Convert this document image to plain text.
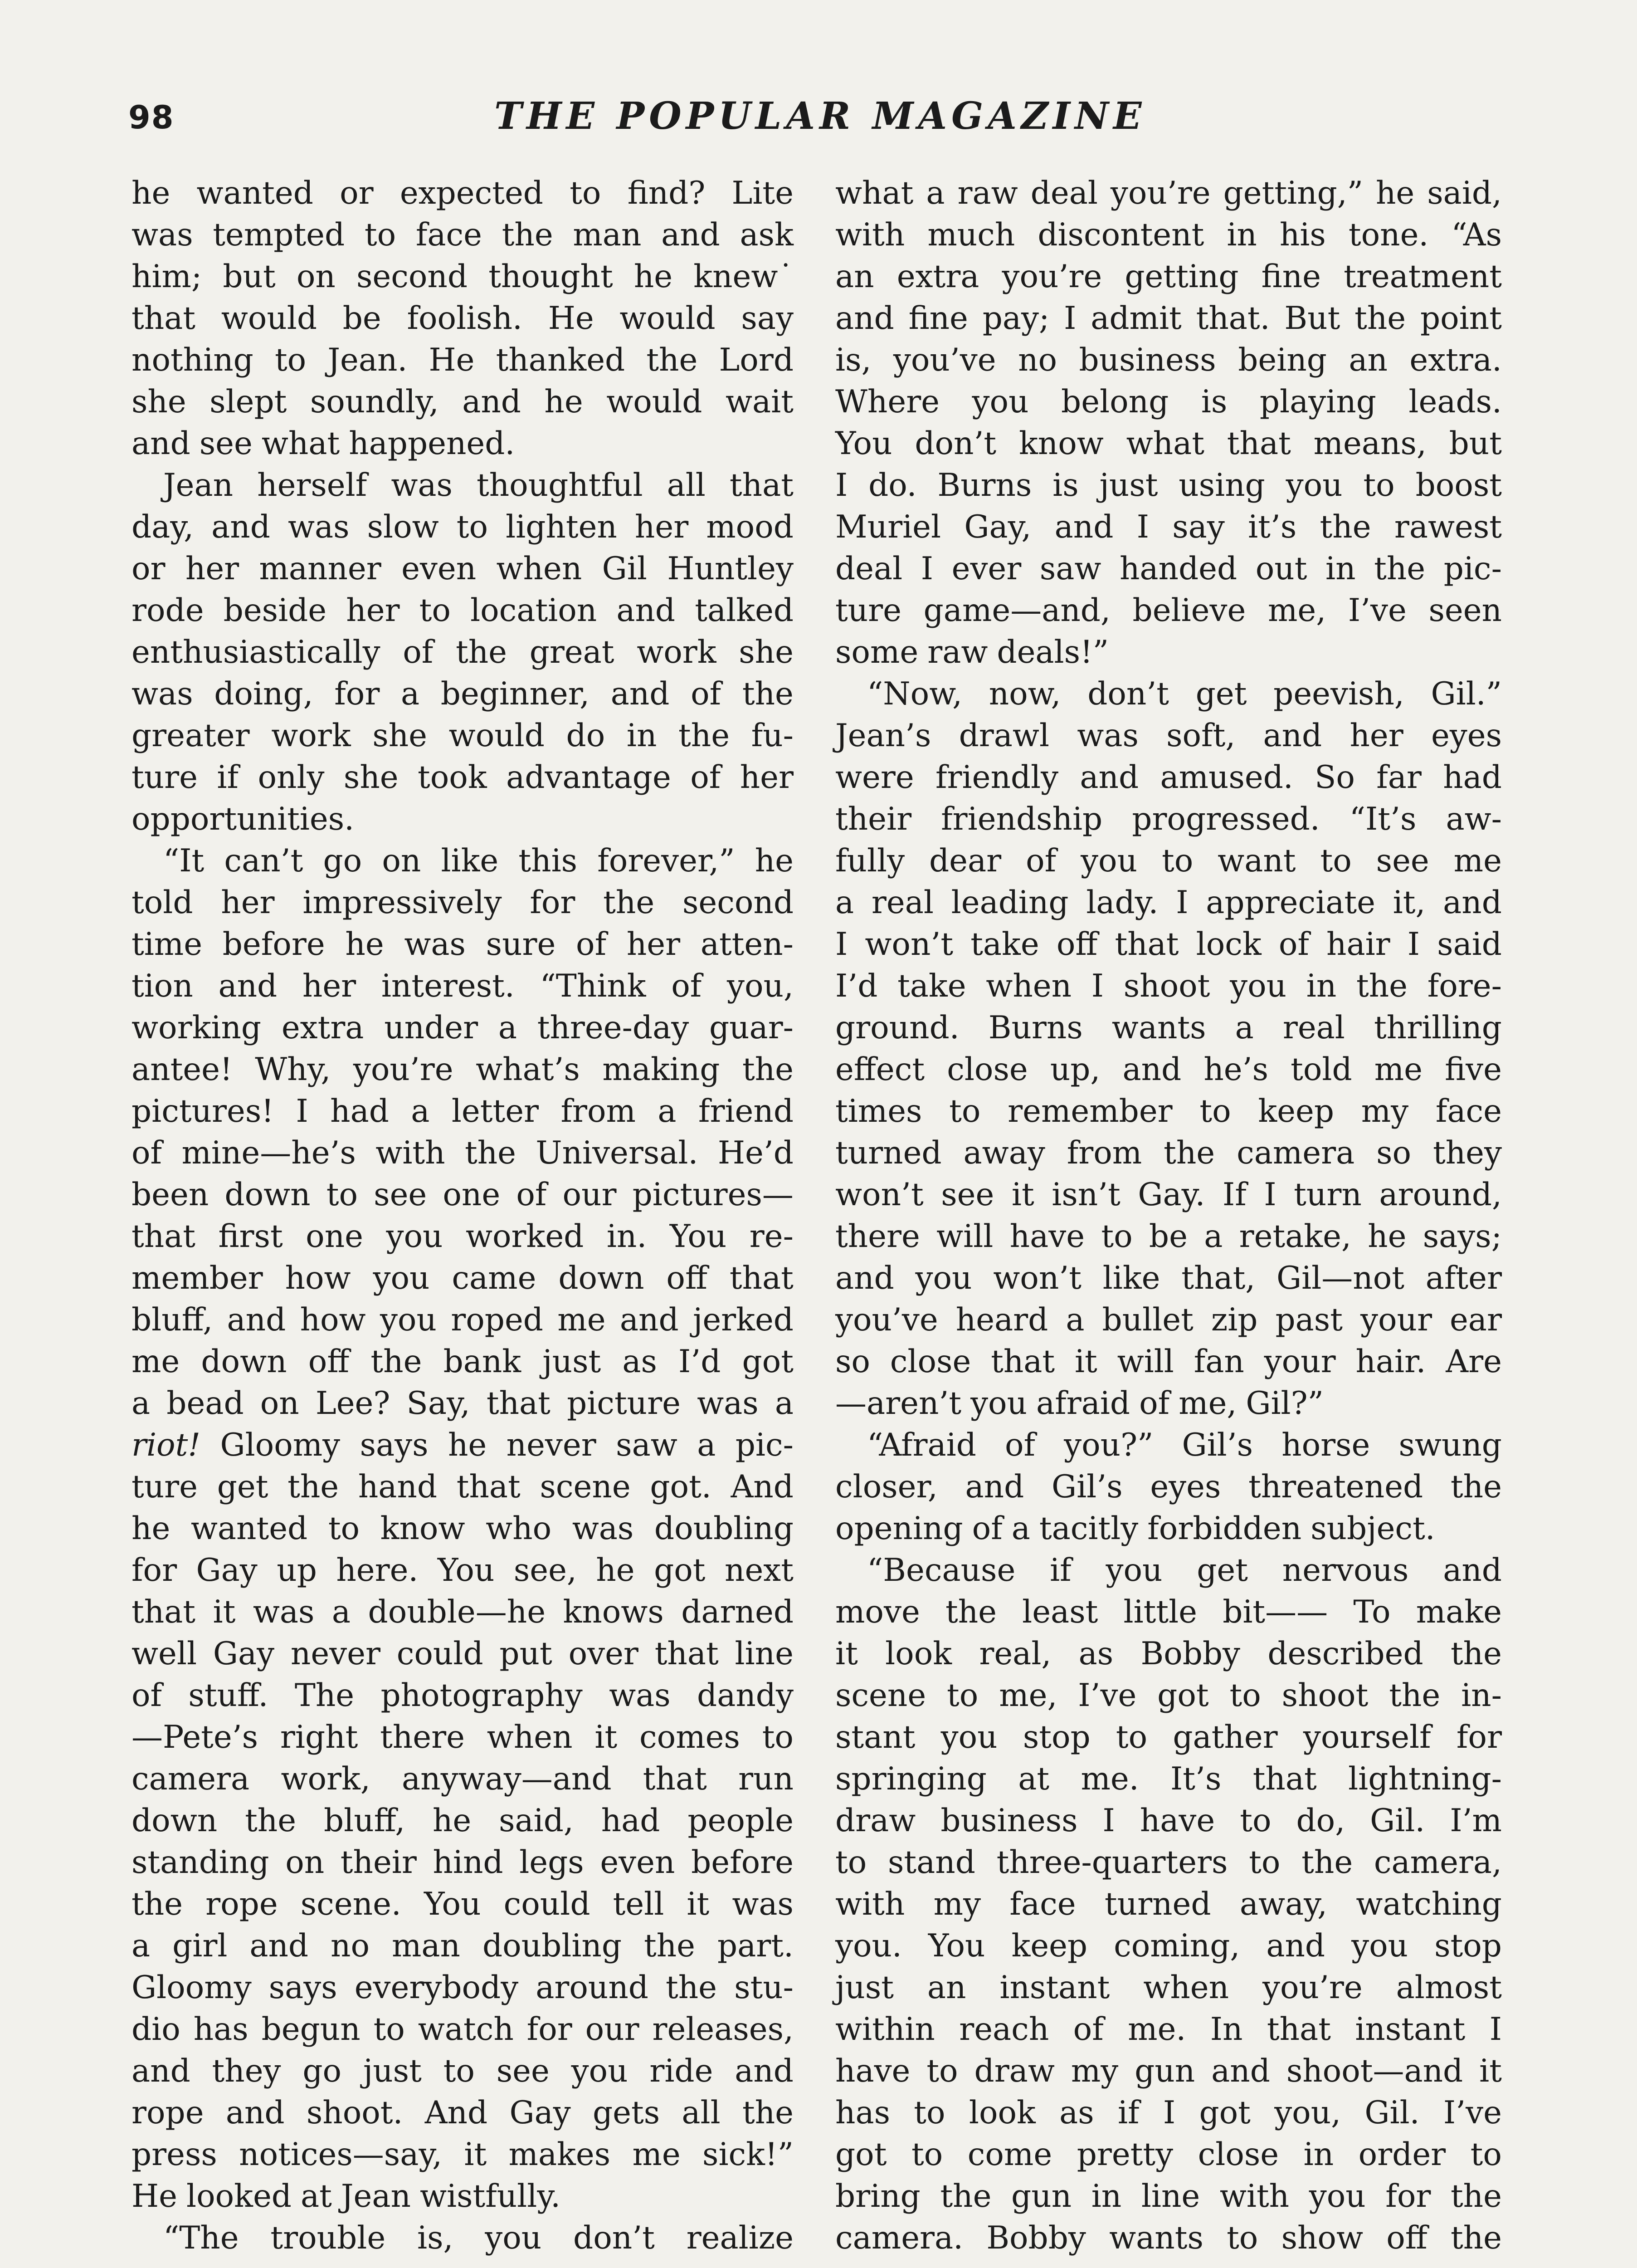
98	THE POPULAR MAGAZINE
he wanted or expected to find? Lite
was tempted to face the man and ask
him; but on second thought he knew˙
that would be foolish. He would say
nothing to Jean. He thanked the Lord
she slept soundly, and he would wait
and see what happened.
Jean herself was thoughtful all that
day, and was slow to lighten her mood
or her manner even when Gil Huntley
rode beside her to location and talked
enthusiastically of the great work she
was doing, for a beginner, and of the
greater work she would do in the fu-
ture if only she took advantage of her
opportunities.
“It can’t go on like this forever,” he
told her impressively for the second
time before he was sure of her atten-
tion and her interest. “Think of you,
working extra under a three-day guar-
antee! Why, you’re what’s making the
pictures! I had a letter from a friend
of mine—he’s with the Universal. He’d
been down to see one of our pictures—
that first one you worked in. You re-
member how you came down off that
bluff, and how you roped me and jerked
me down off the bank just as I’d got
a bead on Lee? Say, that picture was a
riot! Gloomy says he never saw a pic-
ture get the hand that scene got. And
he wanted to know who was doubling
for Gay up here. You see, he got next
that it was a double—he knows darned
well Gay never could put over that line
of stuff. The photography was dandy
—Pete’s right there when it comes to
camera work, anyway—and that run
down the bluff, he said, had people
standing on their hind legs even before
the rope scene. You could tell it was
a girl and no man doubling the part.
Gloomy says everybody around the stu-
dio has begun to watch for our releases,
and they go just to see you ride and
rope and shoot. And Gay gets all the
press notices—say, it makes me sick!”
He looked at Jean wistfully.
“The trouble is, you don’t realize
what a raw deal you’re getting,” he said,
with much discontent in his tone. “As
an extra you’re getting fine treatment
and fine pay; I admit that. But the point
is, you’ve no business being an extra.
Where you belong is playing leads.
You don’t know what that means, but
I do. Burns is just using you to boost
Muriel Gay, and I say it’s the rawest
deal I ever saw handed out in the pic-
ture game—and, believe me, I’ve seen
some raw deals!”
“Now, now, don’t get peevish, Gil.”
Jean’s drawl was soft, and her eyes
were friendly and amused. So far had
their friendship progressed. “It’s aw-
fully dear of you to want to see me
a real leading lady. I appreciate it, and
I won’t take off that lock of hair I said
I’d take when I shoot you in the fore-
ground. Burns wants a real thrilling
effect close up, and he’s told me five
times to remember to keep my face
turned away from the camera so they
won’t see it isn’t Gay. If I turn around,
there will have to be a retake, he says;
and you won’t like that, Gil—not after
you’ve heard a bullet zip past your ear
so close that it will fan your hair. Are
—aren’t you afraid of me, Gil?”
“Afraid of you?” Gil’s horse swung
closer, and Gil’s eyes threatened the
opening of a tacitly forbidden subject.
“Because if you get nervous and
move the least little bit—— To make
it look real, as Bobby described the
scene to me, I’ve got to shoot the in-
stant you stop to gather yourself for
springing at me. It’s that lightning-
draw business I have to do, Gil. I’m
to stand three-quarters to the camera,
with my face turned away, watching
you. You keep coming, and you stop
just an instant when you’re almost
within reach of me. In that instant I
have to draw my gun and shoot—and it
has to look as if I got you, Gil. I’ve
got to come pretty close in order to
bring the gun in line with you for the
camera. Bobby wants to show off the
